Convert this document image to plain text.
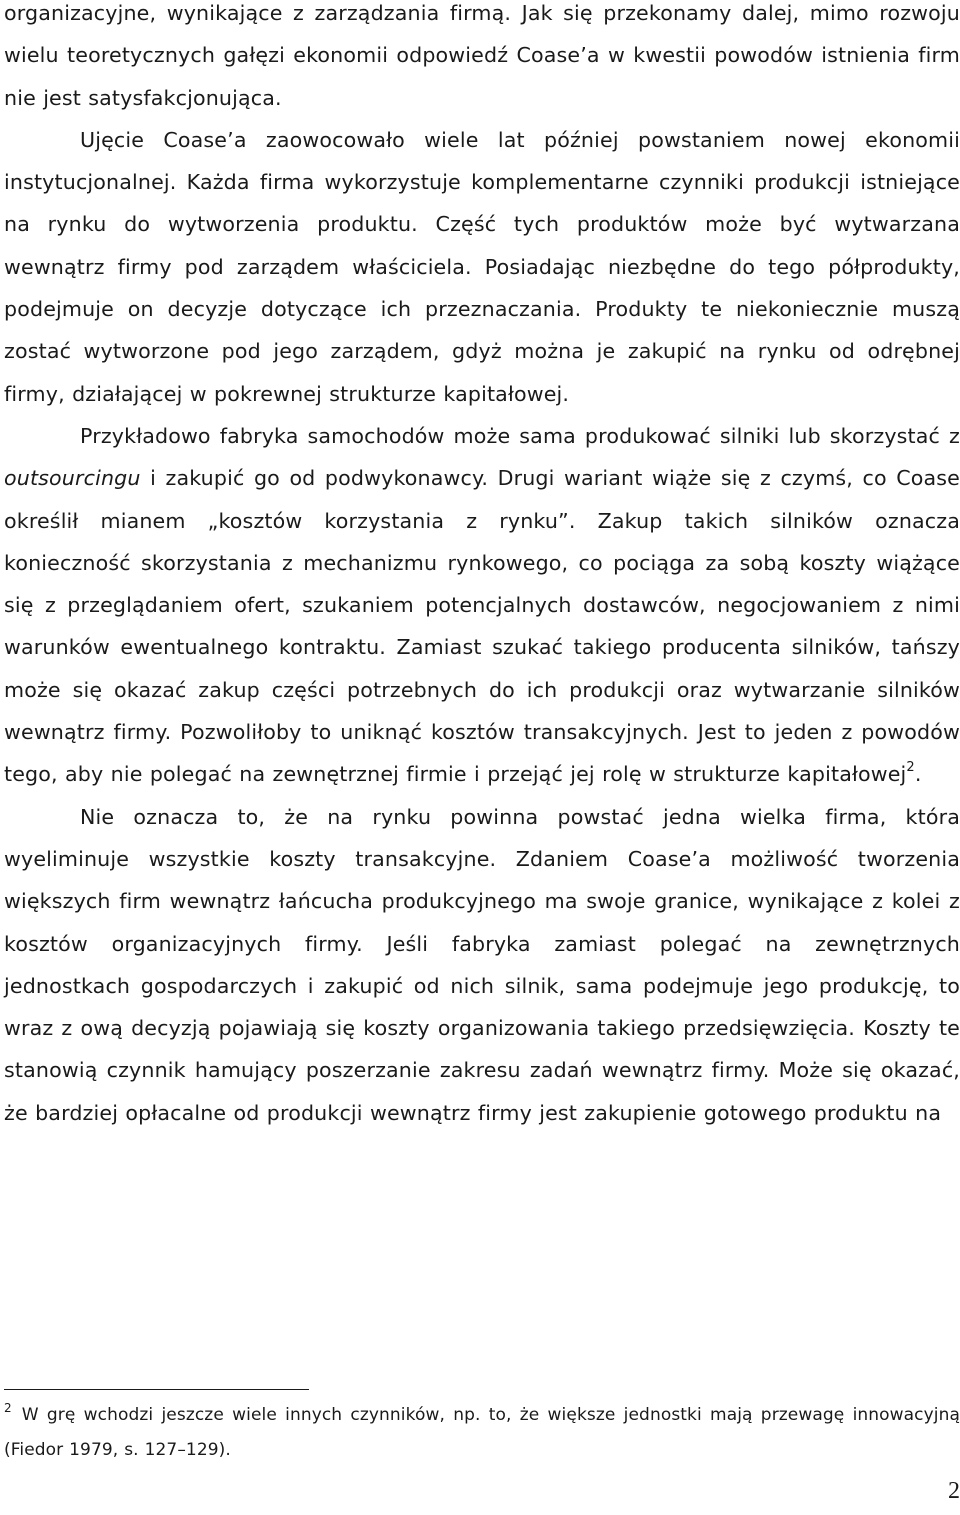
organizacyjne, wynikające z zarządzania firmą. Jak się przekonamy dalej, mimo rozwoju wielu teoretycznych gałęzi ekonomii odpowiedź Coase’a w kwestii powodów istnienia firm nie jest satysfakcjonująca.

Ujęcie Coase’a zaowocowało wiele lat później powstaniem nowej ekonomii instytucjonalnej. Każda firma wykorzystuje komplementarne czynniki produkcji istniejące na rynku do wytworzenia produktu. Część tych produktów może być wytwarzana wewnątrz firmy pod zarządem właściciela. Posiadając niezbędne do tego półprodukty, podejmuje on decyzje dotyczące ich przeznaczania. Produkty te niekoniecznie muszą zostać wytworzone pod jego zarządem, gdyż można je zakupić na rynku od odrębnej firmy, działającej w pokrewnej strukturze kapitałowej.

Przykładowo fabryka samochodów może sama produkować silniki lub skorzystać z outsourcingu i zakupić go od podwykonawcy. Drugi wariant wiąże się z czymś, co Coase określił mianem „kosztów korzystania z rynku”. Zakup takich silników oznacza konieczność skorzystania z mechanizmu rynkowego, co pociąga za sobą koszty wiążące się z przeglądaniem ofert, szukaniem potencjalnych dostawców, negocjowaniem z nimi warunków ewentualnego kontraktu. Zamiast szukać takiego producenta silników, tańszy może się okazać zakup części potrzebnych do ich produkcji oraz wytwarzanie silników wewnątrz firmy. Pozwoliłoby to uniknąć kosztów transakcyjnych. Jest to jeden z powodów tego, aby nie polegać na zewnętrznej firmie i przejąć jej rolę w strukturze kapitałowej$^2$.

Nie oznacza to, że na rynku powinna powstać jedna wielka firma, która wyeliminuje wszystkie koszty transakcyjne. Zdaniem Coase’a możliwość tworzenia większych firm wewnątrz łańcucha produkcyjnego ma swoje granice, wynikające z kolei z kosztów organizacyjnych firmy. Jeśli fabryka zamiast polegać na zewnętrznych jednostkach gospodarczych i zakupić od nich silnik, sama podejmuje jego produkcję, to wraz z ową decyzją pojawiają się koszty organizowania takiego przedsięwzięcia. Koszty te stanowią czynnik hamujący poszerzanie zakresu zadań wewnątrz firmy. Może się okazać, że bardziej opłacalne od produkcji wewnątrz firmy jest zakupienie gotowego produktu na

$^2$ W grę wchodzi jeszcze wiele innych czynników, np. to, że większe jednostki mają przewagę innowacyjną (Fiedor 1979, s. 127–129).

2
